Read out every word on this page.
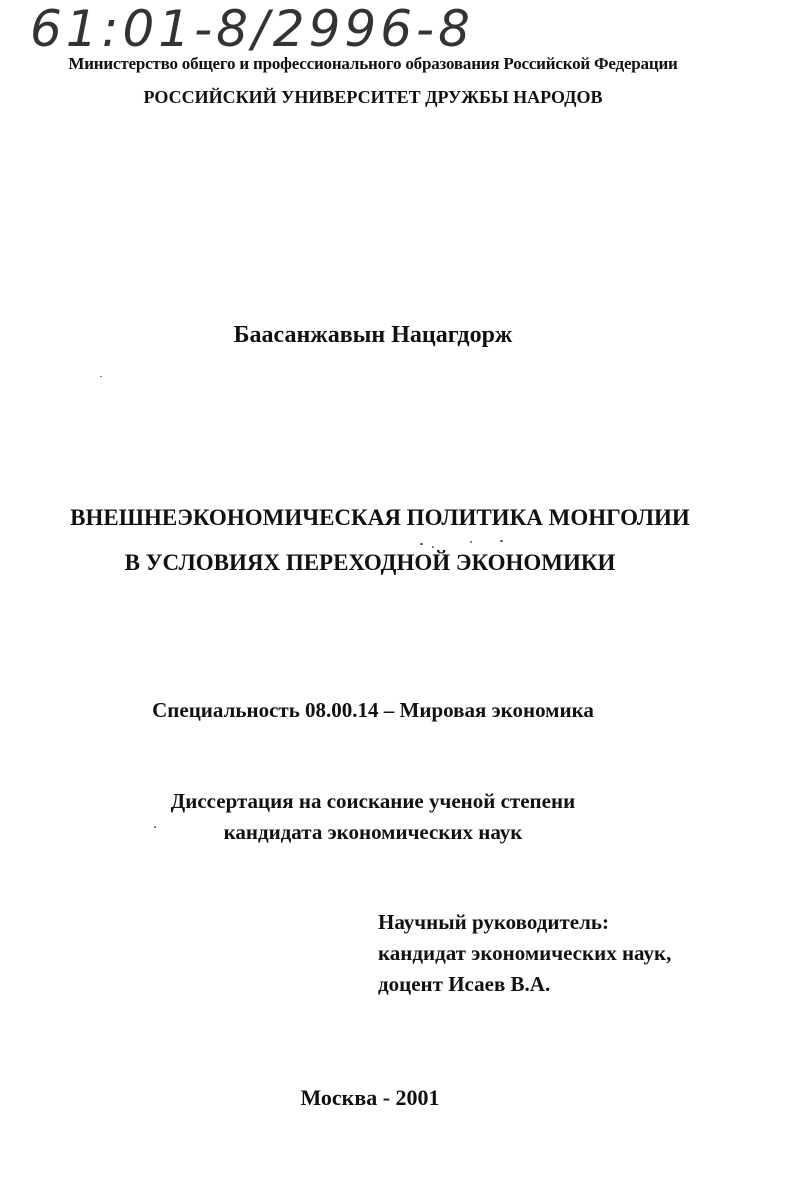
61:01-8/2996-8
Министерство общего и профессионального образования Российской Федерации
РОССИЙСКИЙ УНИВЕРСИТЕТ ДРУЖБЫ НАРОДОВ
Баасанжавын Нацагдорж
ВНЕШНЕЭКОНОМИЧЕСКАЯ ПОЛИТИКА МОНГОЛИИ
В УСЛОВИЯХ ПЕРЕХОДНОЙ ЭКОНОМИКИ
Специальность 08.00.14 – Мировая экономика
Диссертация на соискание ученой степени
кандидата экономических наук
Научный руководитель:
кандидат экономических наук,
доцент Исаев В.А.
Москва - 2001
